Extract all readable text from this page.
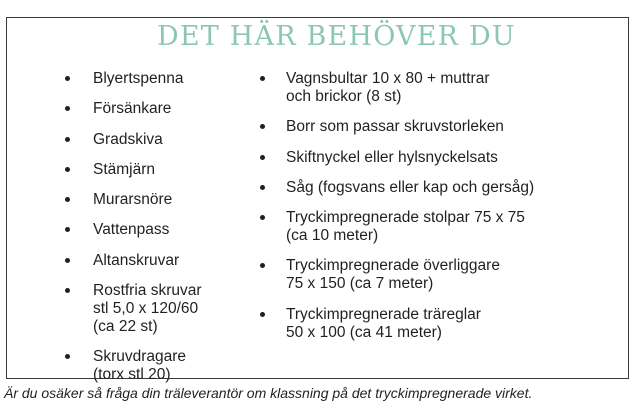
DET HÄR BEHÖVER DU
Blyertspenna
Försänkare
Gradskiva
Stämjärn
Murarsnöre
Vattenpass
Altanskruvar
Rostfria skruvar
stl 5,0 x 120/60
(ca 22 st)
Skruvdragare
(torx stl 20)
Vagnsbultar 10 x 80 + muttrar
och brickor (8 st)
Borr som passar skruvstorleken
Skiftnyckel eller hylsnyckelsats
Såg (fogsvans eller kap och gersåg)
Tryckimpregnerade stolpar 75 x 75
(ca 10 meter)
Tryckimpregnerade överliggare
75 x 150 (ca 7 meter)
Tryckimpregnerade träreglar
50 x 100 (ca 41 meter)
Är du osäker så fråga din träleverantör om klassning på det tryckimpregnerade virket.
